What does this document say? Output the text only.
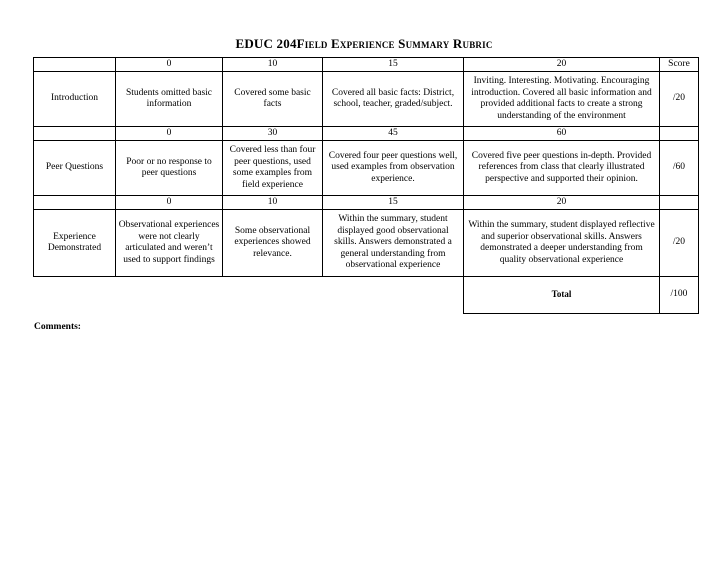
EDUC 204Field Experience Summary Rubric
	0	10	15	20	Score
Introduction	Students omitted basic information	Covered some basic facts	Covered all basic facts: District, school, teacher, graded/subject.	Inviting. Interesting. Motivating. Encouraging introduction. Covered all basic information and provided additional facts to create a strong understanding of the environment	/20
	0	30	45	60	
Peer Questions	Poor or no response to peer questions	Covered less than four peer questions, used some examples from field experience	Covered four peer questions well, used examples from observation experience.	Covered five peer questions in-depth. Provided references from class that clearly illustrated perspective and supported their opinion.	/60
	0	10	15	20	
Experience Demonstrated	Observational experiences were not clearly articulated and weren’t used to support findings	Some observational experiences showed relevance.	Within the summary, student displayed good observational skills. Answers demonstrated a general understanding from observational experience	Within the summary, student displayed reflective and superior observational skills. Answers demonstrated a deeper understanding from quality observational experience	/20
				Total	/100
Comments:
